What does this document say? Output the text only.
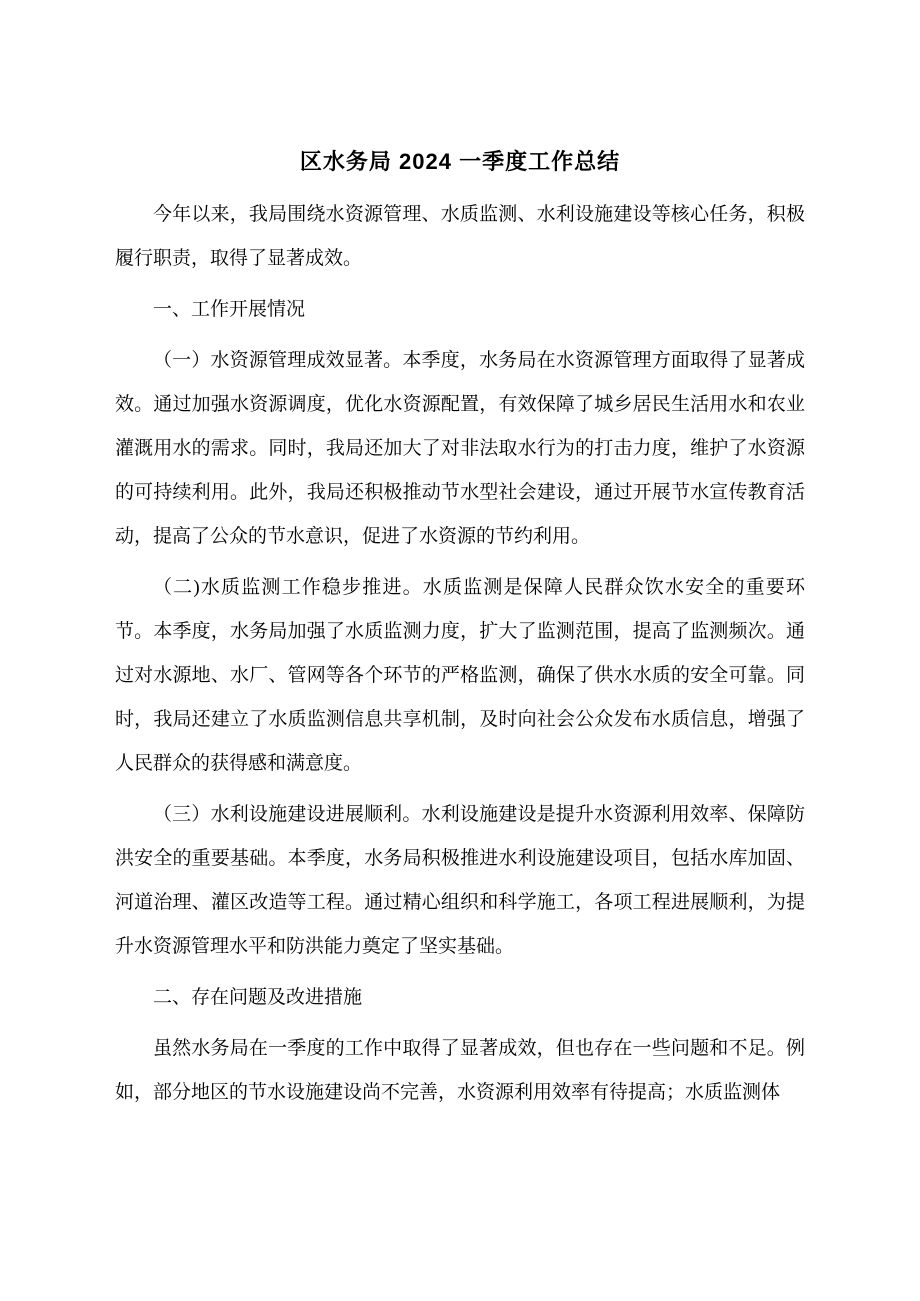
区水务局 2024 一季度工作总结

今年以来，我局围绕水资源管理、水质监测、水利设施建设等核心任务，积极履行职责，取得了显著成效。

一、工作开展情况

（一）水资源管理成效显著。本季度，水务局在水资源管理方面取得了显著成效。通过加强水资源调度，优化水资源配置，有效保障了城乡居民生活用水和农业灌溉用水的需求。同时，我局还加大了对非法取水行为的打击力度，维护了水资源的可持续利用。此外，我局还积极推动节水型社会建设，通过开展节水宣传教育活动，提高了公众的节水意识，促进了水资源的节约利用。

（二)水质监测工作稳步推进。水质监测是保障人民群众饮水安全的重要环节。本季度，水务局加强了水质监测力度，扩大了监测范围，提高了监测频次。通过对水源地、水厂、管网等各个环节的严格监测，确保了供水水质的安全可靠。同时，我局还建立了水质监测信息共享机制，及时向社会公众发布水质信息，增强了人民群众的获得感和满意度。

（三）水利设施建设进展顺利。水利设施建设是提升水资源利用效率、保障防洪安全的重要基础。本季度，水务局积极推进水利设施建设项目，包括水库加固、河道治理、灌区改造等工程。通过精心组织和科学施工，各项工程进展顺利，为提升水资源管理水平和防洪能力奠定了坚实基础。

二、存在问题及改进措施

虽然水务局在一季度的工作中取得了显著成效，但也存在一些问题和不足。例如，部分地区的节水设施建设尚不完善，水资源利用效率有待提高；水质监测体
